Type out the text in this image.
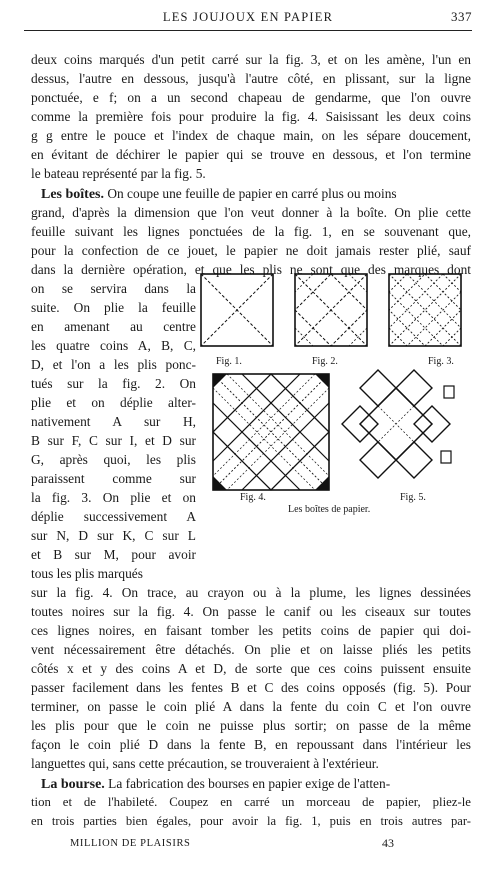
LES JOUJOUX EN PAPIER	337
deux coins marqués d'un petit carré sur la fig. 3, et on les amène, l'un en
dessus, l'autre en dessous, jusqu'à l'autre côté, en plissant, sur la ligne
ponctuée, e f; on a un second chapeau de gendarme, que l'on ouvre
comme la première fois pour produire la fig. 4. Saisissant les deux coins
g g entre le pouce et l'index de chaque main, on les sépare doucement,
en évitant de déchirer le papier qui se trouve en dessous, et l'on termine
le bateau représenté par la fig. 5.
Les boîtes. On coupe une feuille de papier en carré plus ou moins
grand, d'après la dimension que l'on veut donner à la boîte. On plie cette
feuille suivant les lignes ponctuées de la fig. 1, en se souvenant que,
pour la confection de ce jouet, le papier ne doit jamais rester plié, sauf
dans la dernière opération, et que les plis ne sont que des marques dont
on se servira dans la
suite. On plie la feuille
en amenant au centre
les quatre coins A, B, C,
D, et l'on a les plis ponc-
tués sur la fig. 2. On
plie et on déplie alter-
nativement A sur H,
B sur F, C sur I, et D sur
G, après quoi, les plis
paraissent comme sur
la fig. 3. On plie et on
déplie successivement A
sur N, D sur K, C sur L
et B sur M, pour avoir
tous les plis marqués
Fig. 1.	Fig. 2.	Fig. 3.
Fig. 4.	Fig. 5.
Les boîtes de papier.
sur la fig. 4. On trace, au crayon ou à la plume, les lignes dessinées
toutes noires sur la fig. 4. On passe le canif ou les ciseaux sur toutes
ces lignes noires, en faisant tomber les petits coins de papier qui doi-
vent nécessairement être détachés. On plie et on laisse pliés les petits
côtés x et y des coins A et D, de sorte que ces coins puissent ensuite
passer facilement dans les fentes B et C des coins opposés (fig. 5). Pour
terminer, on passe le coin plié A dans la fente du coin C et l'on ouvre
les plis pour que le coin ne puisse plus sortir; on passe de la même
façon le coin plié D dans la fente B, en repoussant dans l'intérieur les
languettes qui, sans cette précaution, se trouveraient à l'extérieur.
La bourse. La fabrication des bourses en papier exige de l'atten-
tion et de l'habileté. Coupez en carré un morceau de papier, pliez-le
en trois parties bien égales, pour avoir la fig. 1, puis en trois autres par-
MILLION DE PLAISIRS	43
